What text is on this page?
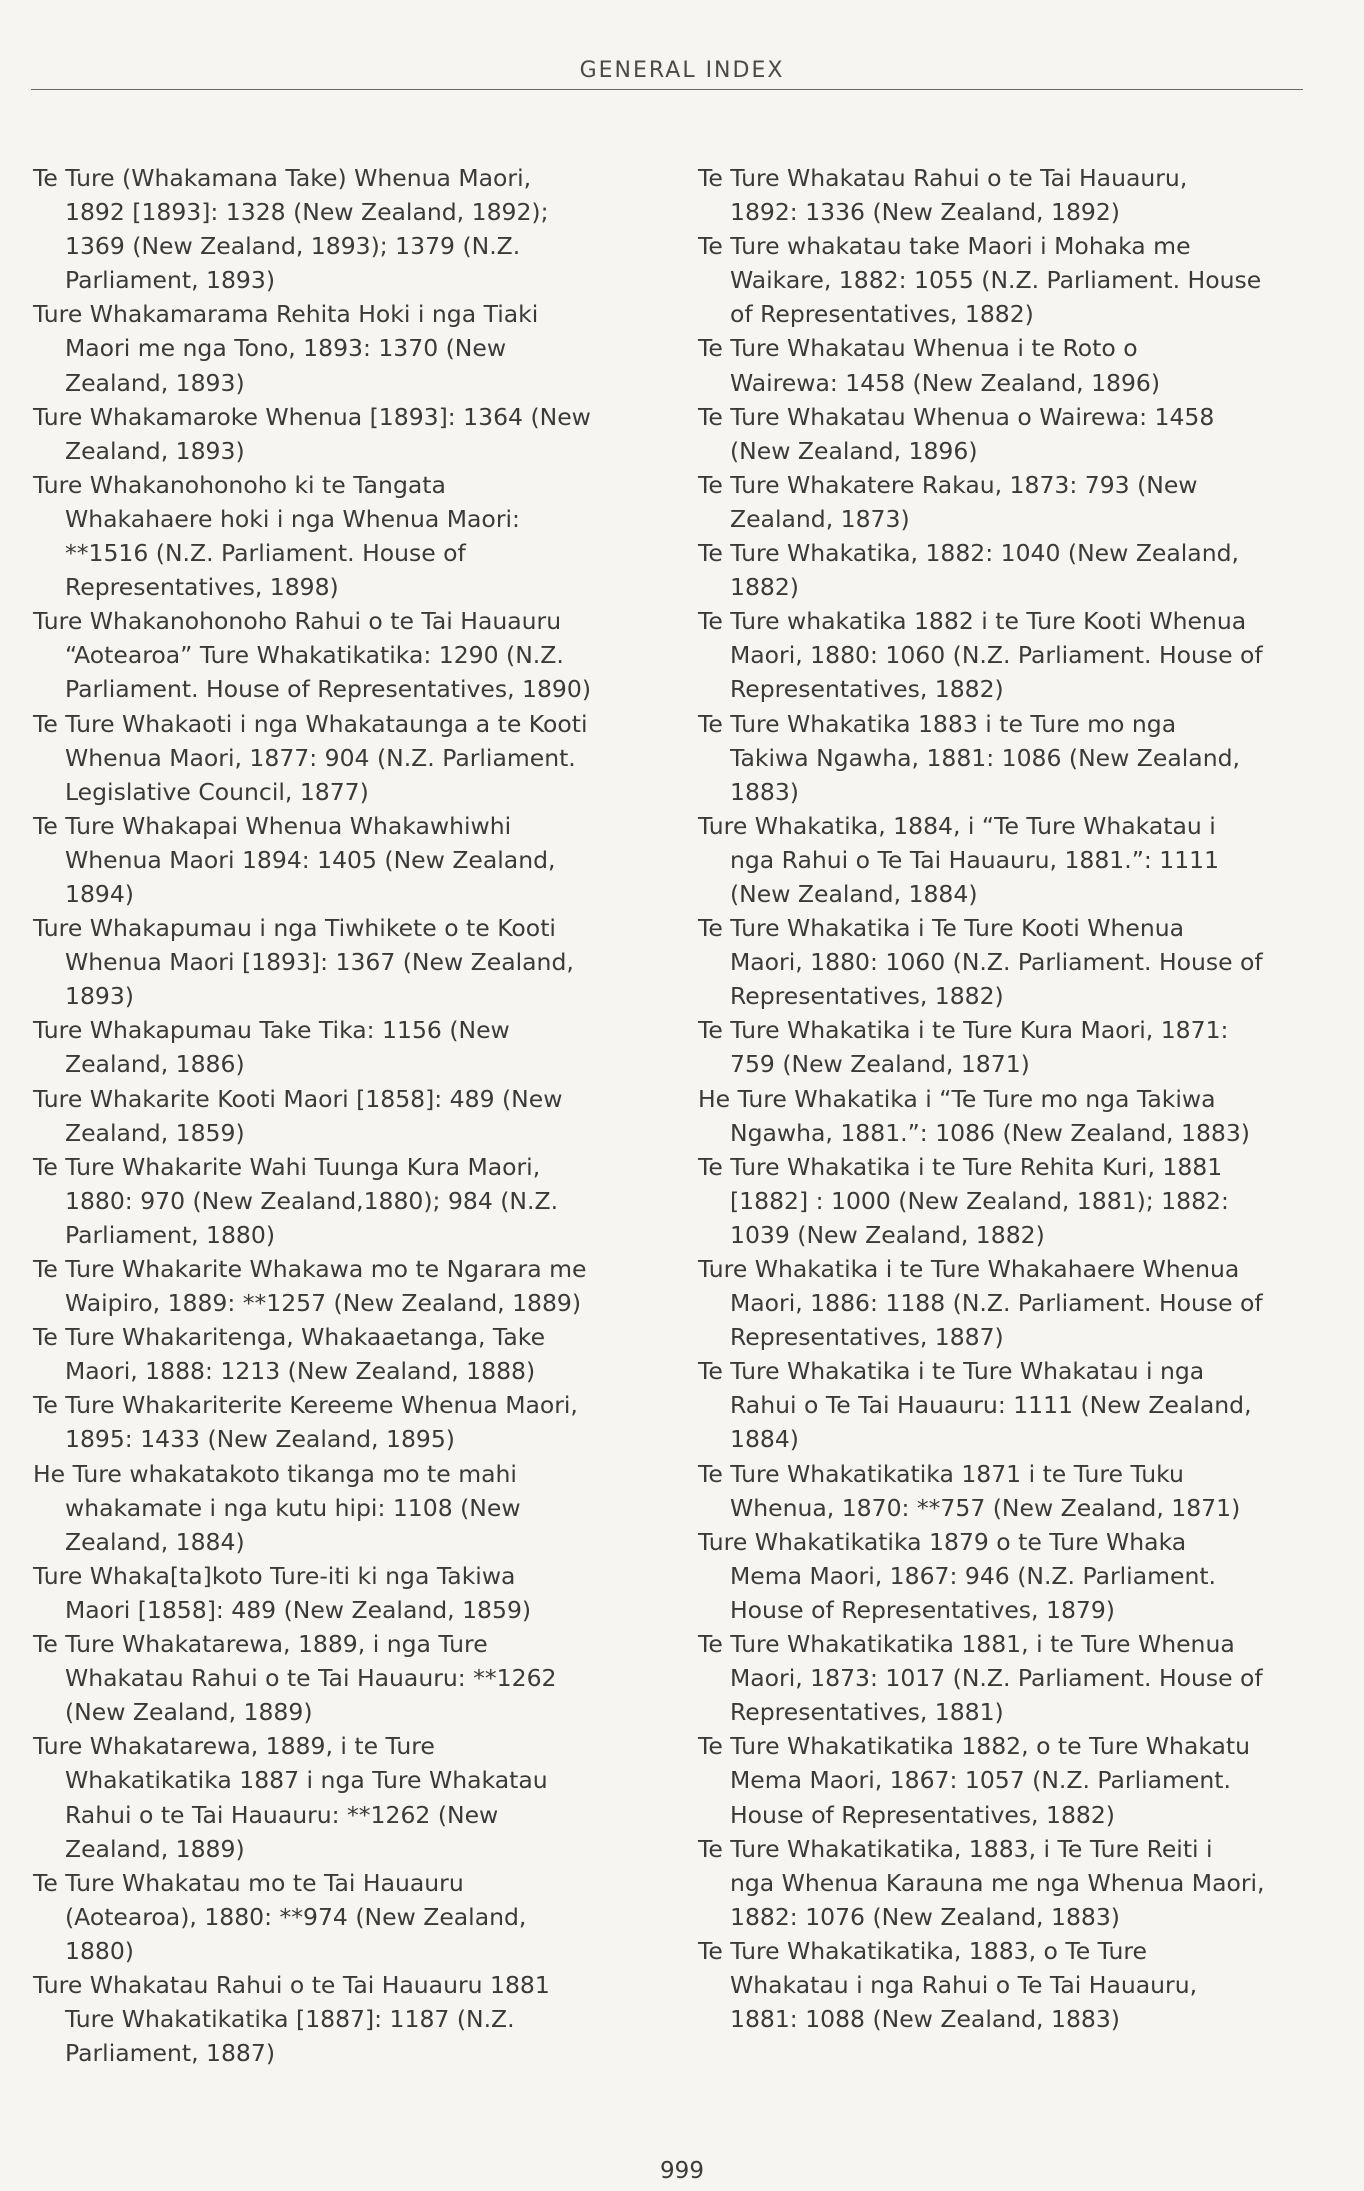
GENERAL INDEX

Te Ture (Whakamana Take) Whenua Maori,
1892 [1893]: 1328 (New Zealand, 1892);
1369 (New Zealand, 1893); 1379 (N.Z.
Parliament, 1893)

Ture Whakamarama Rehita Hoki i nga Tiaki
Maori me nga Tono, 1893: 1370 (New
Zealand, 1893)

Ture Whakamaroke Whenua [1893]: 1364 (New
Zealand, 1893)

Ture Whakanohonoho ki te Tangata
Whakahaere hoki i nga Whenua Maori:
**1516 (N.Z. Parliament. House of
Representatives, 1898)

Ture Whakanohonoho Rahui o te Tai Hauauru
“Aotearoa” Ture Whakatikatika: 1290 (N.Z.
Parliament. House of Representatives, 1890)

Te Ture Whakaoti i nga Whakataunga a te Kooti
Whenua Maori, 1877: 904 (N.Z. Parliament.
Legislative Council, 1877)

Te Ture Whakapai Whenua Whakawhiwhi
Whenua Maori 1894: 1405 (New Zealand,
1894)

Ture Whakapumau i nga Tiwhikete o te Kooti
Whenua Maori [1893]: 1367 (New Zealand,
1893)

Ture Whakapumau Take Tika: 1156 (New
Zealand, 1886)

Ture Whakarite Kooti Maori [1858]: 489 (New
Zealand, 1859)

Te Ture Whakarite Wahi Tuunga Kura Maori,
1880: 970 (New Zealand,1880); 984 (N.Z.
Parliament, 1880)

Te Ture Whakarite Whakawa mo te Ngarara me
Waipiro, 1889: **1257 (New Zealand, 1889)

Te Ture Whakaritenga, Whakaaetanga, Take
Maori, 1888: 1213 (New Zealand, 1888)

Te Ture Whakariterite Kereeme Whenua Maori,
1895: 1433 (New Zealand, 1895)

He Ture whakatakoto tikanga mo te mahi
whakamate i nga kutu hipi: 1108 (New
Zealand, 1884)

Ture Whaka[ta]koto Ture-iti ki nga Takiwa
Maori [1858]: 489 (New Zealand, 1859)

Te Ture Whakatarewa, 1889, i nga Ture
Whakatau Rahui o te Tai Hauauru: **1262
(New Zealand, 1889)

Ture Whakatarewa, 1889, i te Ture
Whakatikatika 1887 i nga Ture Whakatau
Rahui o te Tai Hauauru: **1262 (New
Zealand, 1889)

Te Ture Whakatau mo te Tai Hauauru
(Aotearoa), 1880: **974 (New Zealand,
1880)

Ture Whakatau Rahui o te Tai Hauauru 1881
Ture Whakatikatika [1887]: 1187 (N.Z.
Parliament, 1887)

Te Ture Whakatau Rahui o te Tai Hauauru,
1892: 1336 (New Zealand, 1892)

Te Ture whakatau take Maori i Mohaka me
Waikare, 1882: 1055 (N.Z. Parliament. House
of Representatives, 1882)

Te Ture Whakatau Whenua i te Roto o
Wairewa: 1458 (New Zealand, 1896)

Te Ture Whakatau Whenua o Wairewa: 1458
(New Zealand, 1896)

Te Ture Whakatere Rakau, 1873: 793 (New
Zealand, 1873)

Te Ture Whakatika, 1882: 1040 (New Zealand,
1882)

Te Ture whakatika 1882 i te Ture Kooti Whenua
Maori, 1880: 1060 (N.Z. Parliament. House of
Representatives, 1882)

Te Ture Whakatika 1883 i te Ture mo nga
Takiwa Ngawha, 1881: 1086 (New Zealand,
1883)

Ture Whakatika, 1884, i “Te Ture Whakatau i
nga Rahui o Te Tai Hauauru, 1881.”: 1111
(New Zealand, 1884)

Te Ture Whakatika i Te Ture Kooti Whenua
Maori, 1880: 1060 (N.Z. Parliament. House of
Representatives, 1882)

Te Ture Whakatika i te Ture Kura Maori, 1871:
759 (New Zealand, 1871)

He Ture Whakatika i “Te Ture mo nga Takiwa
Ngawha, 1881.”: 1086 (New Zealand, 1883)

Te Ture Whakatika i te Ture Rehita Kuri, 1881
[1882] : 1000 (New Zealand, 1881); 1882:
1039 (New Zealand, 1882)

Ture Whakatika i te Ture Whakahaere Whenua
Maori, 1886: 1188 (N.Z. Parliament. House of
Representatives, 1887)

Te Ture Whakatika i te Ture Whakatau i nga
Rahui o Te Tai Hauauru: 1111 (New Zealand,
1884)

Te Ture Whakatikatika 1871 i te Ture Tuku
Whenua, 1870: **757 (New Zealand, 1871)

Ture Whakatikatika 1879 o te Ture Whaka
Mema Maori, 1867: 946 (N.Z. Parliament.
House of Representatives, 1879)

Te Ture Whakatikatika 1881, i te Ture Whenua
Maori, 1873: 1017 (N.Z. Parliament. House of
Representatives, 1881)

Te Ture Whakatikatika 1882, o te Ture Whakatu
Mema Maori, 1867: 1057 (N.Z. Parliament.
House of Representatives, 1882)

Te Ture Whakatikatika, 1883, i Te Ture Reiti i
nga Whenua Karauna me nga Whenua Maori,
1882: 1076 (New Zealand, 1883)

Te Ture Whakatikatika, 1883, o Te Ture
Whakatau i nga Rahui o Te Tai Hauauru,
1881: 1088 (New Zealand, 1883)

999
